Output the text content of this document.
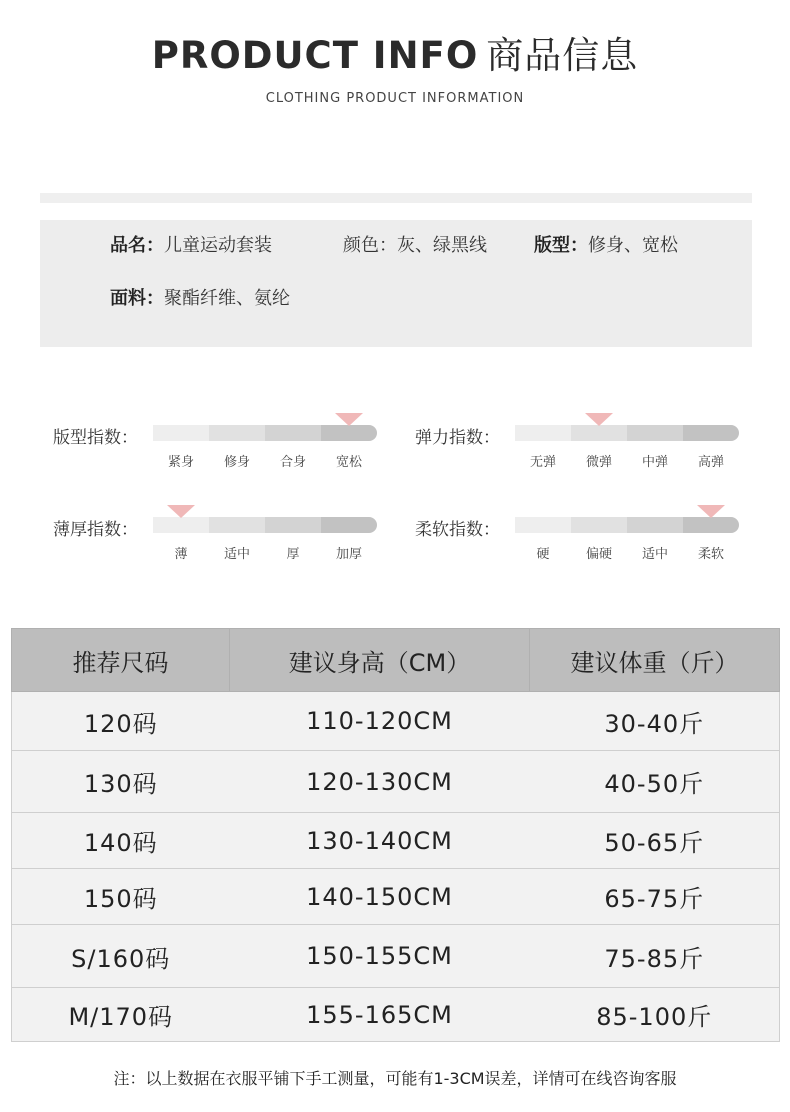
PRODUCT INFO 商品信息
CLOTHING PRODUCT INFORMATION
品名：儿童运动套装	颜色：灰、绿黑线	版型：修身、宽松
面料：聚酯纤维、氨纶
版型指数：
紧身	修身	合身	宽松
弹力指数：
无弹	微弹	中弹	高弹
薄厚指数：
薄	适中	厚	加厚
柔软指数：
硬	偏硬	适中	柔软
推荐尺码	建议身高（CM）	建议体重（斤）
120码	110-120CM	30-40斤
130码	120-130CM	40-50斤
140码	130-140CM	50-65斤
150码	140-150CM	65-75斤
S/160码	150-155CM	75-85斤
M/170码	155-165CM	85-100斤
注：以上数据在衣服平铺下手工测量，可能有1-3CM误差，详情可在线咨询客服
